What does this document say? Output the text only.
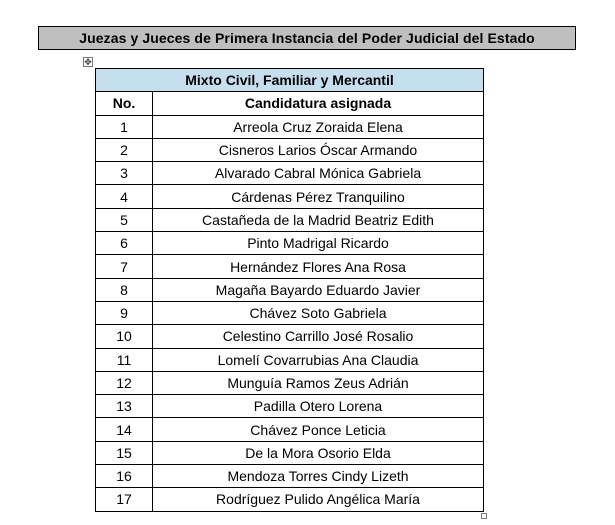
Juezas y Jueces de Primera Instancia del Poder Judicial del Estado
✥
Mixto Civil, Familiar y Mercantil	
No.	Candidatura asignada
1	Arreola Cruz Zoraida Elena
2	Cisneros Larios Óscar Armando
3	Alvarado Cabral Mónica Gabriela
4	Cárdenas Pérez Tranquilino
5	Castañeda de la Madrid Beatriz Edith
6	Pinto Madrigal Ricardo
7	Hernández Flores Ana Rosa
8	Magaña Bayardo Eduardo Javier
9	Chávez Soto Gabriela
10	Celestino Carrillo José Rosalio
11	Lomelí Covarrubias Ana Claudia
12	Munguía Ramos Zeus Adrián
13	Padilla Otero Lorena
14	Chávez Ponce Leticia
15	De la Mora Osorio Elda
16	Mendoza Torres Cindy Lizeth
17	Rodríguez Pulido Angélica María
